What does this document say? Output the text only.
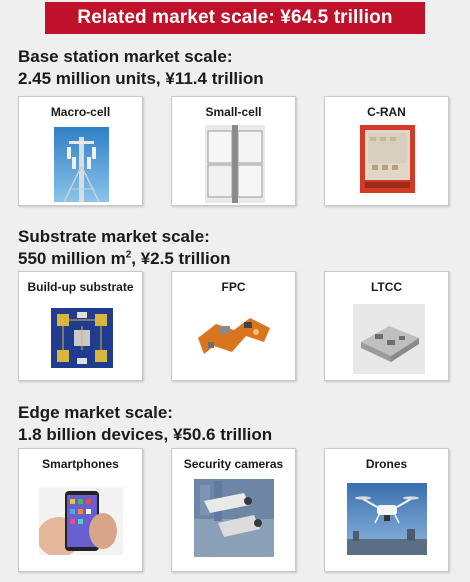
Related market scale: ¥64.5 trillion

Base station market scale:

2.45 million units, ¥11.4 trillion

Macro-cell	Small-cell	C-RAN

Substrate market scale:

550 million $m^2$, ¥2.5 trillion

Build-up substrate	FPC	LTCC

Edge market scale:

1.8 billion devices, ¥50.6 trillion

Smartphones	Security cameras	Drones
